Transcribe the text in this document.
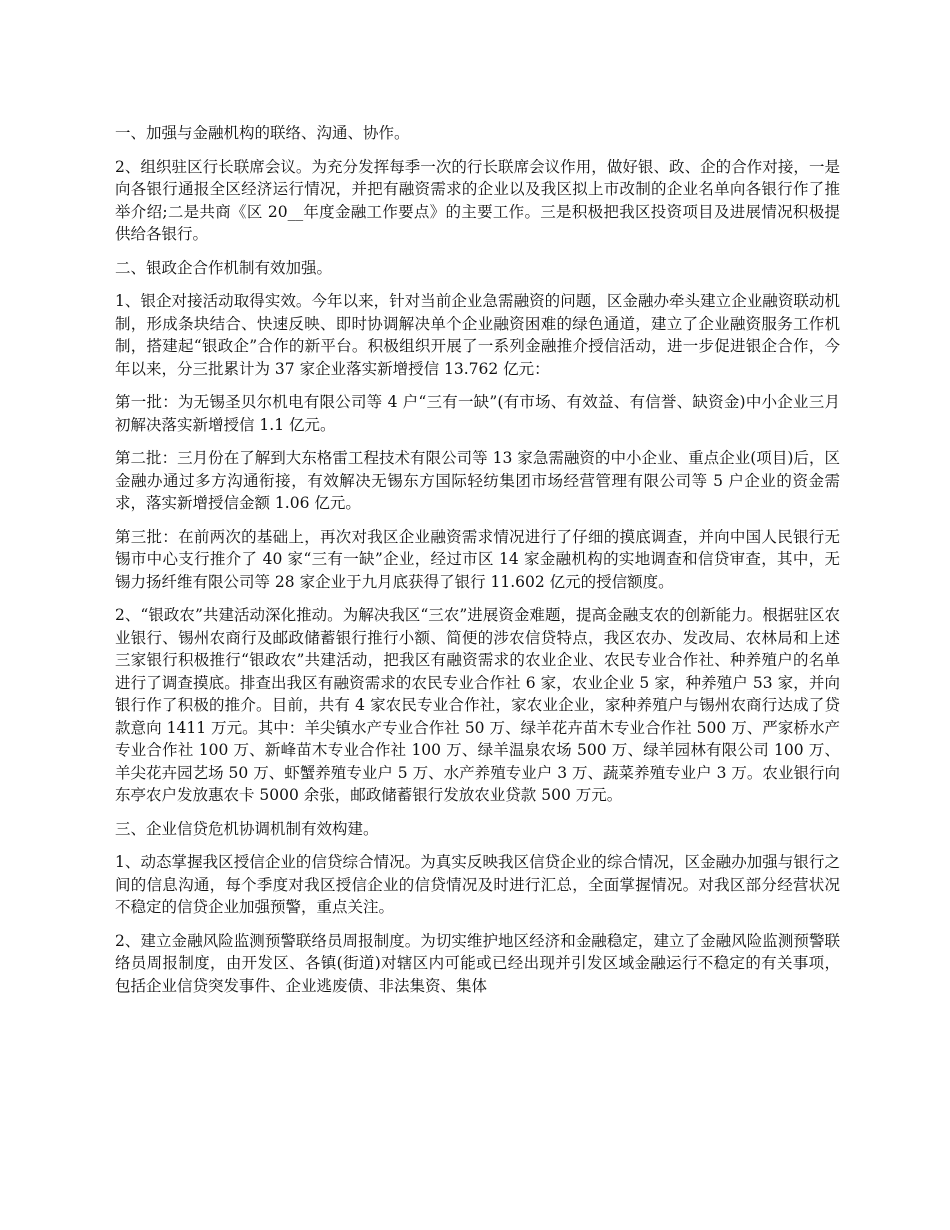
一、加强与金融机构的联络、沟通、协作。

2、组织驻区行长联席会议。为充分发挥每季一次的行长联席会议作用，做好银、政、企的合作对接，一是向各银行通报全区经济运行情况，并把有融资需求的企业以及我区拟上市改制的企业名单向各银行作了推举介绍;二是共商《区 20__年度金融工作要点》的主要工作。三是积极把我区投资项目及进展情况积极提供给各银行。

二、银政企合作机制有效加强。

1、银企对接活动取得实效。今年以来，针对当前企业急需融资的问题，区金融办牵头建立企业融资联动机制，形成条块结合、快速反映、即时协调解决单个企业融资困难的绿色通道，建立了企业融资服务工作机制，搭建起“银政企”合作的新平台。积极组织开展了一系列金融推介授信活动，进一步促进银企合作，今年以来，分三批累计为 37 家企业落实新增授信 13.762 亿元：

第一批：为无锡圣贝尔机电有限公司等 4 户“三有一缺”(有市场、有效益、有信誉、缺资金)中小企业三月初解决落实新增授信 1.1 亿元。

第二批：三月份在了解到大东格雷工程技术有限公司等 13 家急需融资的中小企业、重点企业(项目)后，区金融办通过多方沟通衔接，有效解决无锡东方国际轻纺集团市场经营管理有限公司等 5 户企业的资金需求，落实新增授信金额 1.06 亿元。

第三批：在前两次的基础上，再次对我区企业融资需求情况进行了仔细的摸底调查，并向中国人民银行无锡市中心支行推介了 40 家“三有一缺”企业，经过市区 14 家金融机构的实地调查和信贷审查，其中，无锡力扬纤维有限公司等 28 家企业于九月底获得了银行 11.602 亿元的授信额度。

2、“银政农”共建活动深化推动。为解决我区“三农”进展资金难题，提高金融支农的创新能力。根据驻区农业银行、锡州农商行及邮政储蓄银行推行小额、简便的涉农信贷特点，我区农办、发改局、农林局和上述三家银行积极推行“银政农”共建活动，把我区有融资需求的农业企业、农民专业合作社、种养殖户的名单进行了调查摸底。排查出我区有融资需求的农民专业合作社 6 家，农业企业 5 家，种养殖户 53 家，并向银行作了积极的推介。目前，共有 4 家农民专业合作社，家农业企业，家种养殖户与锡州农商行达成了贷款意向 1411 万元。其中：羊尖镇水产专业合作社 50 万、绿羊花卉苗木专业合作社 500 万、严家桥水产专业合作社 100 万、新峰苗木专业合作社 100 万、绿羊温泉农场 500 万、绿羊园林有限公司 100 万、羊尖花卉园艺场 50 万、虾蟹养殖专业户 5 万、水产养殖专业户 3 万、蔬菜养殖专业户 3 万。农业银行向东亭农户发放惠农卡 5000 余张，邮政储蓄银行发放农业贷款 500 万元。

三、企业信贷危机协调机制有效构建。

1、动态掌握我区授信企业的信贷综合情况。为真实反映我区信贷企业的综合情况，区金融办加强与银行之间的信息沟通，每个季度对我区授信企业的信贷情况及时进行汇总，全面掌握情况。对我区部分经营状况不稳定的信贷企业加强预警，重点关注。

2、建立金融风险监测预警联络员周报制度。为切实维护地区经济和金融稳定，建立了金融风险监测预警联络员周报制度，由开发区、各镇(街道)对辖区内可能或已经出现并引发区域金融运行不稳定的有关事项，包括企业信贷突发事件、企业逃废债、非法集资、集体
